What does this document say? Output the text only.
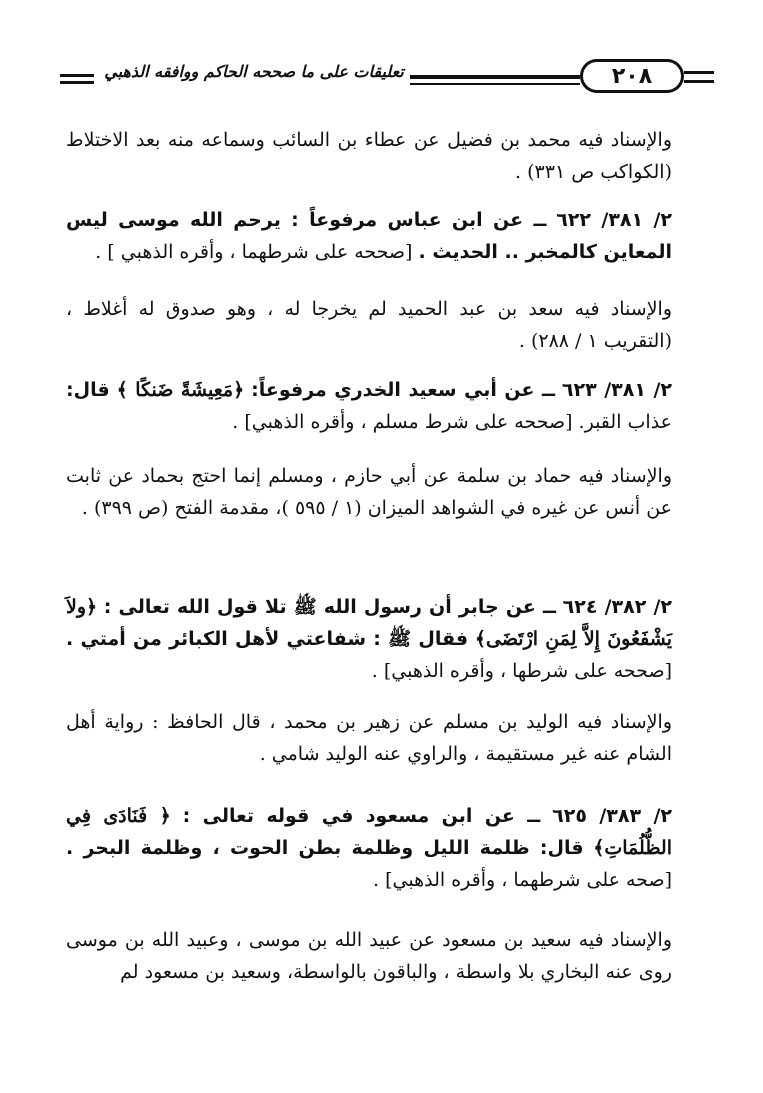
تعليقات على ما صححه الحاكم ووافقه الذهبي	٢٠٨

والإسناد فيه محمد بن فضيل عن عطاء بن السائب وسماعه منه بعد الاختلاط (الكواكب ص ٣٣١) .

٢/ ٣٨١/ ٦٢٢ ــ عن ابن عباس مرفوعاً : يرحم الله موسى ليس المعاين كالمخبر .. الحديث . [صححه على شرطهما ، وأقره الذهبي ] .

والإسناد فيه سعد بن عبد الحميد لم يخرجا له ، وهو صدوق له أغلاط ، (التقريب ١ / ٢٨٨) .

٢/ ٣٨١/ ٦٢٣ ــ عن أبي سعيد الخدري مرفوعاً: ﴿مَعِيشَةً ضَنكًا ﴾ قال: عذاب القبر. [صححه على شرط مسلم ، وأقره الذهبي] .

والإسناد فيه حماد بن سلمة عن أبي حازم ، ومسلم إنما احتج بحماد عن ثابت عن أنس عن غيره في الشواهد الميزان (١ / ٥٩٥ )، مقدمة الفتح (ص ٣٩٩) .

٢/ ٣٨٢/ ٦٢٤ ــ عن جابر أن رسول الله ﷺ تلا قول الله تعالى : ﴿ولاَ يَشْفَعُونَ إِلاَّ لِمَنِ ارْتَضَى﴾ فقال ﷺ : شفاعتي لأهل الكبائر من أمتي . [صححه على شرطها ، وأقره الذهبي] .

والإسناد فيه الوليد بن مسلم عن زهير بن محمد ، قال الحافظ : رواية أهل الشام عنه غير مستقيمة ، والراوي عنه الوليد شامي .

٢/ ٣٨٣/ ٦٢٥ ــ عن ابن مسعود في قوله تعالى : ﴿ فَنَادَى فِي الظُّلُمَاتِ﴾ قال: ظلمة الليل وظلمة بطن الحوت ، وظلمة البحر . [صحه على شرطهما ، وأقره الذهبي] .

والإسناد فيه سعيد بن مسعود عن عبيد الله بن موسى ، وعبيد الله بن موسى روى عنه البخاري بلا واسطة ، والباقون بالواسطة، وسعيد بن مسعود لم
